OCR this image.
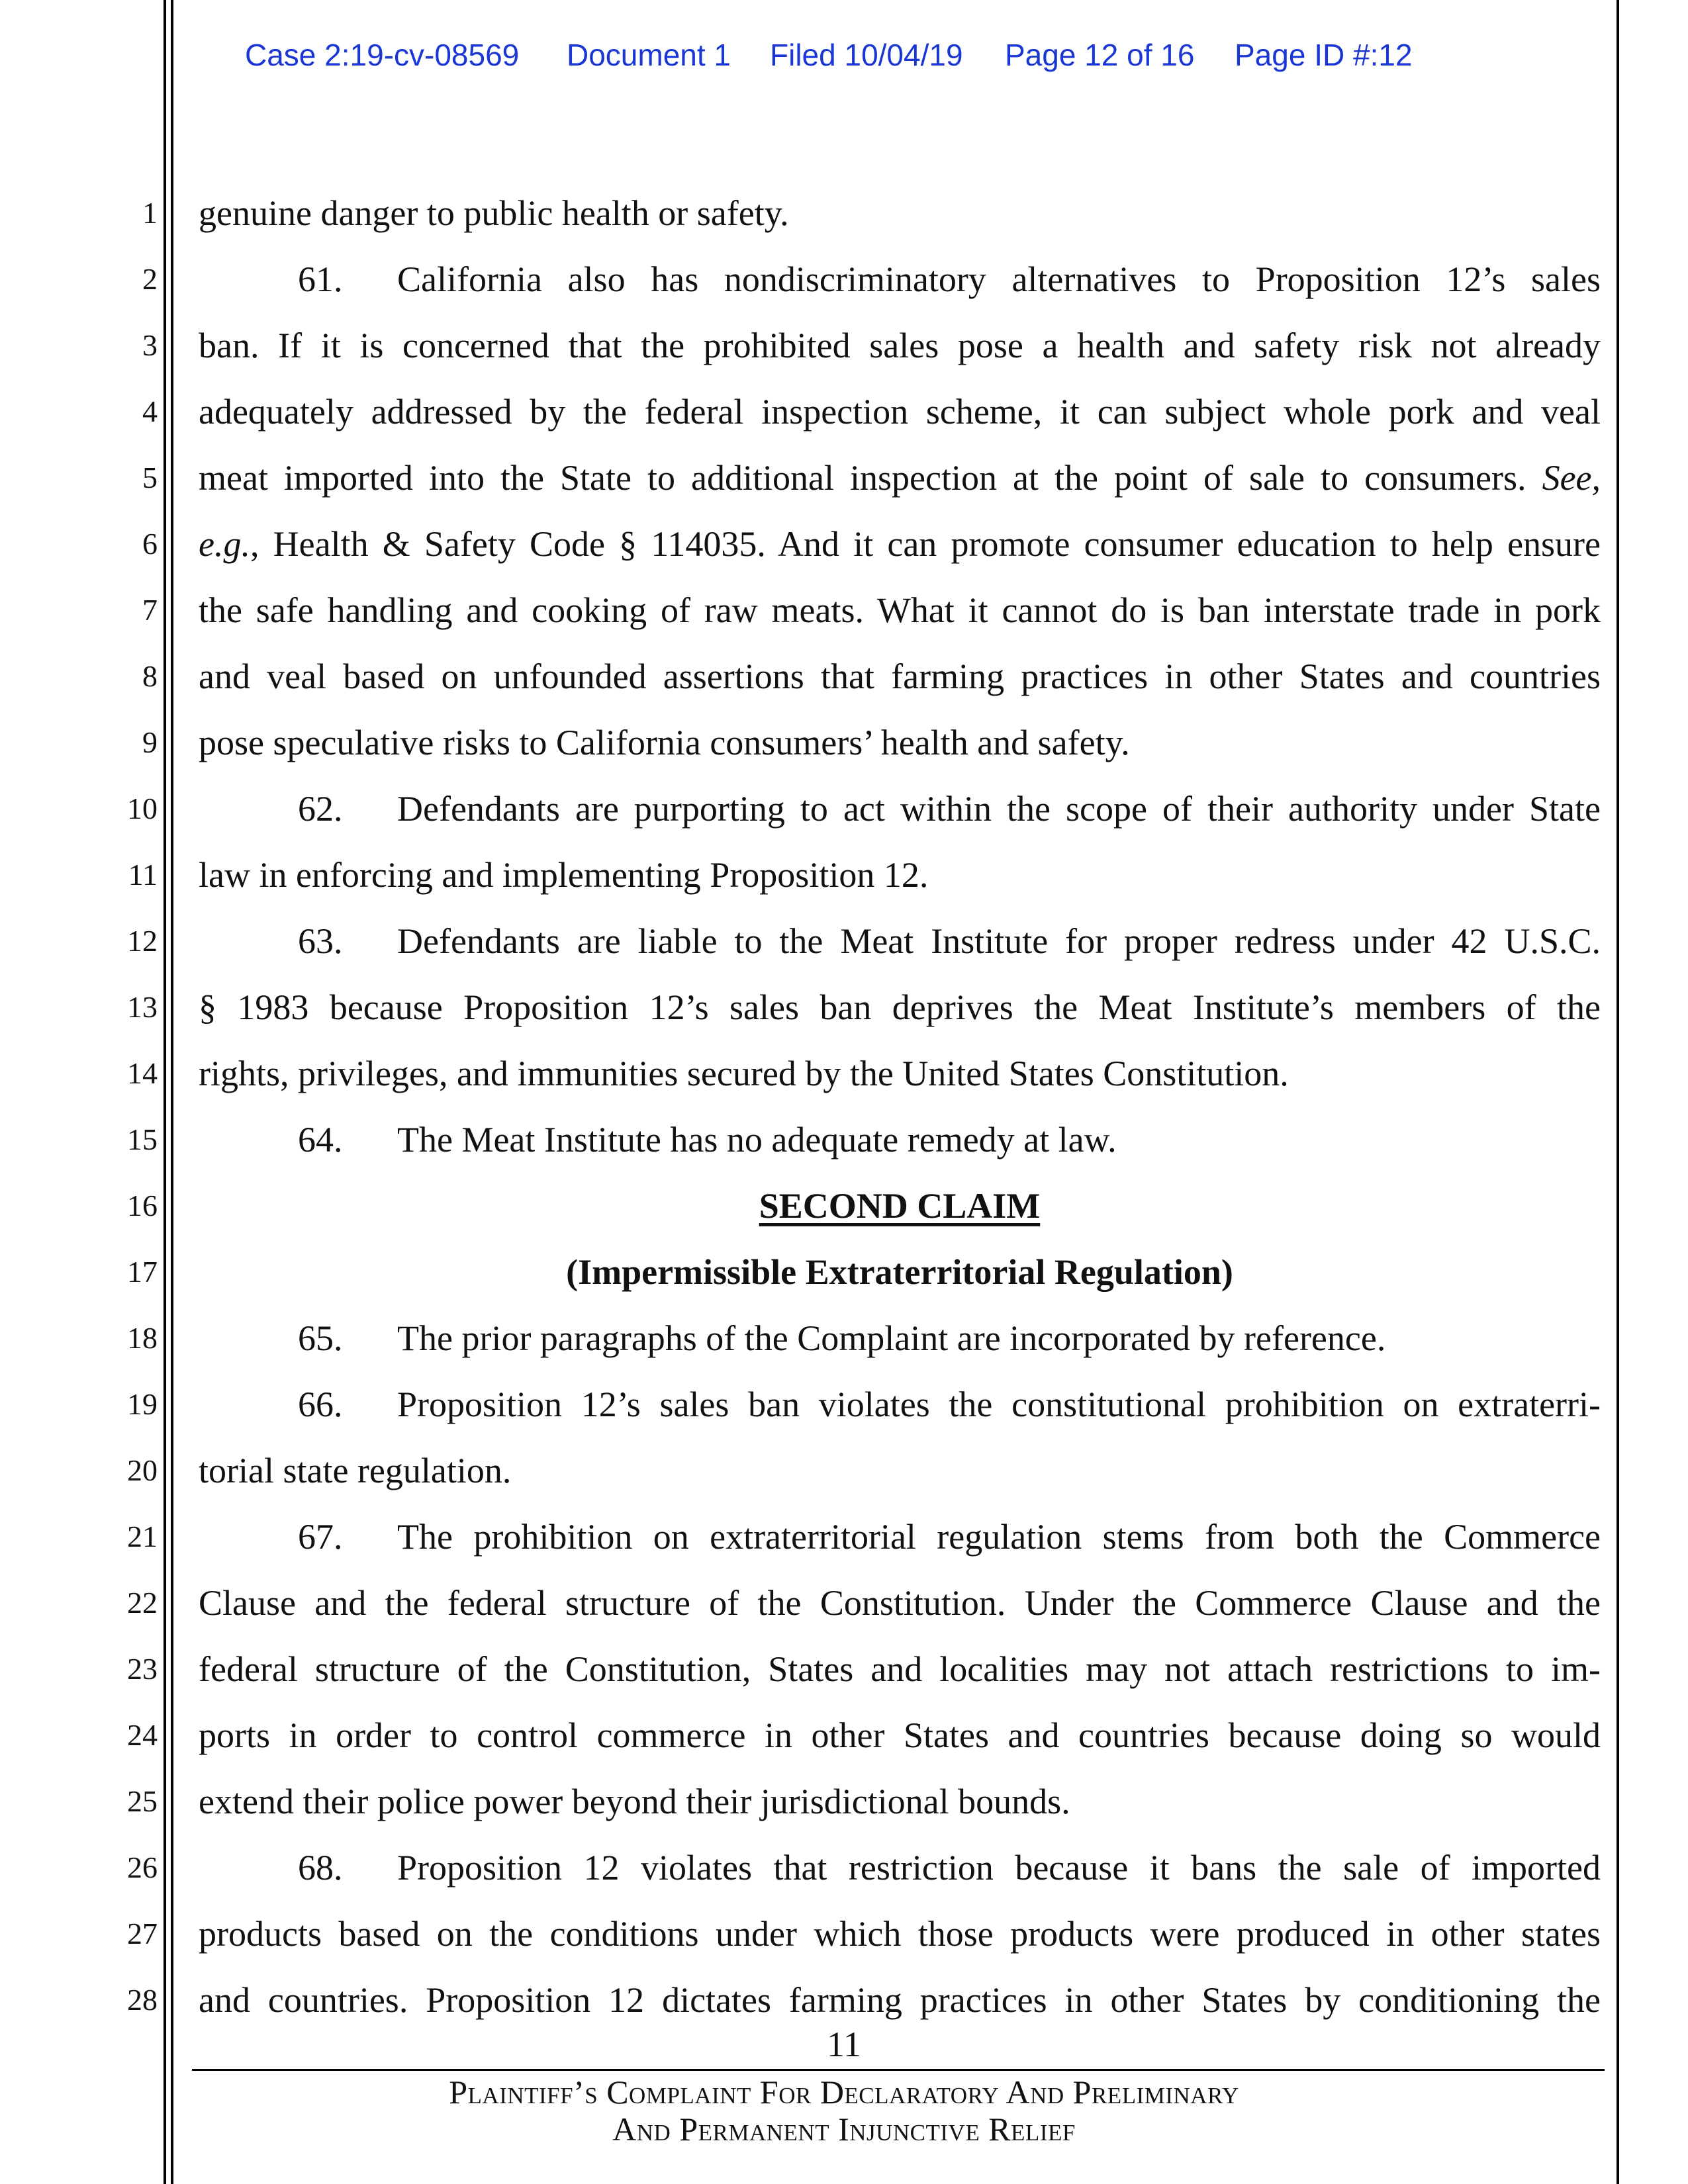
Case 2:19-cv-08569 Document 1 Filed 10/04/19 Page 12 of 16 Page ID #:12
1
2
3
4
5
6
7
8
9
10
11
12
13
14
15
16
17
18
19
20
21
22
23
24
25
26
27
28
genuine danger to public health or safety.
61. California also has nondiscriminatory alternatives to Proposition 12’s sales
ban. If it is concerned that the prohibited sales pose a health and safety risk not already
adequately addressed by the federal inspection scheme, it can subject whole pork and veal
meat imported into the State to additional inspection at the point of sale to consumers. See,
e.g., Health & Safety Code § 114035. And it can promote consumer education to help ensure
the safe handling and cooking of raw meats. What it cannot do is ban interstate trade in pork
and veal based on unfounded assertions that farming practices in other States and countries
pose speculative risks to California consumers’ health and safety.
62. Defendants are purporting to act within the scope of their authority under State
law in enforcing and implementing Proposition 12.
63. Defendants are liable to the Meat Institute for proper redress under 42 U.S.C.
§ 1983 because Proposition 12’s sales ban deprives the Meat Institute’s members of the
rights, privileges, and immunities secured by the United States Constitution.
64. The Meat Institute has no adequate remedy at law.
SECOND CLAIM
(Impermissible Extraterritorial Regulation)
65. The prior paragraphs of the Complaint are incorporated by reference.
66. Proposition 12’s sales ban violates the constitutional prohibition on extraterri-
torial state regulation.
67. The prohibition on extraterritorial regulation stems from both the Commerce
Clause and the federal structure of the Constitution. Under the Commerce Clause and the
federal structure of the Constitution, States and localities may not attach restrictions to im-
ports in order to control commerce in other States and countries because doing so would
extend their police power beyond their jurisdictional bounds.
68. Proposition 12 violates that restriction because it bans the sale of imported
products based on the conditions under which those products were produced in other states
and countries. Proposition 12 dictates farming practices in other States by conditioning the
11
Plaintiff’s Complaint For Declaratory And Preliminary
And Permanent Injunctive Relief
